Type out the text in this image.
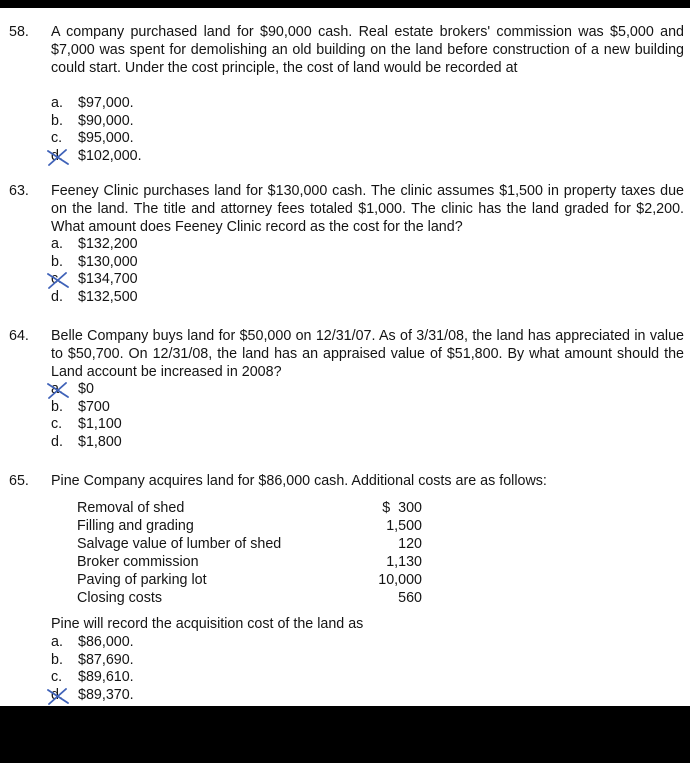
58. A company purchased land for $90,000 cash. Real estate brokers' commission was $5,000 and $7,000 was spent for demolishing an old building on the land before construction of a new building could start. Under the cost principle, the cost of land would be recorded at
a. $97,000.
b. $90,000.
c. $95,000.
d. $102,000.
63. Feeney Clinic purchases land for $130,000 cash. The clinic assumes $1,500 in property taxes due on the land. The title and attorney fees totaled $1,000. The clinic has the land graded for $2,200. What amount does Feeney Clinic record as the cost for the land?
a. $132,200
b. $130,000
c. $134,700
d. $132,500
64. Belle Company buys land for $50,000 on 12/31/07. As of 3/31/08, the land has appreciated in value to $50,700. On 12/31/08, the land has an appraised value of $51,800. By what amount should the Land account be increased in 2008?
a. $0
b. $700
c. $1,100
d. $1,800
65. Pine Company acquires land for $86,000 cash. Additional costs are as follows:
Removal of shed	$  300
Filling and grading	1,500
Salvage value of lumber of shed	120
Broker commission	1,130
Paving of parking lot	10,000
Closing costs	560
Pine will record the acquisition cost of the land as
a. $86,000.
b. $87,690.
c. $89,610.
d. $89,370.
